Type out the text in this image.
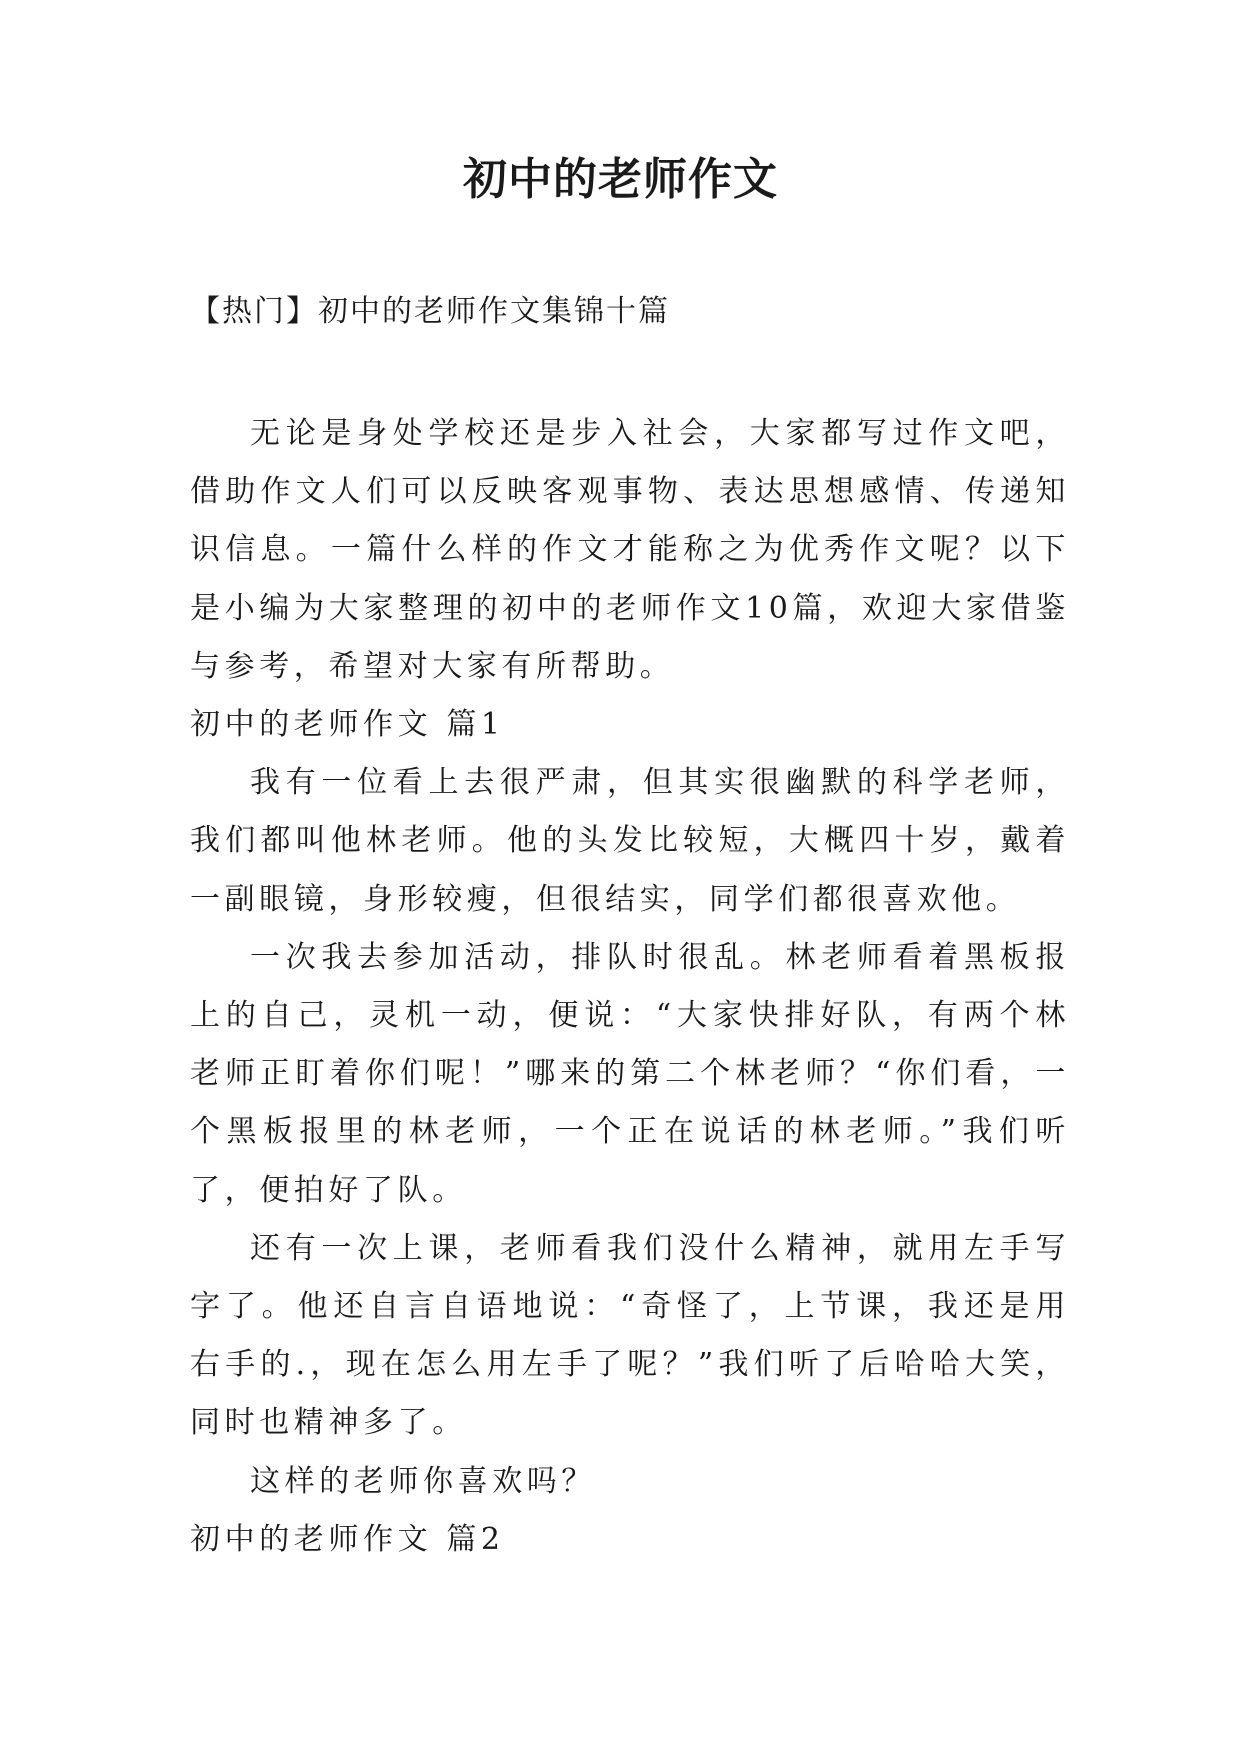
初中的老师作文
【热门】初中的老师作文集锦十篇

无论是身处学校还是步入社会，大家都写过作文吧，借助作文人们可以反映客观事物、表达思想感情、传递知识信息。一篇什么样的作文才能称之为优秀作文呢？以下是小编为大家整理的初中的老师作文10篇，欢迎大家借鉴与参考，希望对大家有所帮助。

初中的老师作文 篇1

我有一位看上去很严肃，但其实很幽默的科学老师，我们都叫他林老师。他的头发比较短，大概四十岁，戴着一副眼镜，身形较瘦，但很结实，同学们都很喜欢他。

一次我去参加活动，排队时很乱。林老师看着黑板报上的自己，灵机一动，便说：“大家快排好队，有两个林老师正盯着你们呢！”哪来的第二个林老师？“你们看，一个黑板报里的林老师，一个正在说话的林老师。”我们听了，便拍好了队。

还有一次上课，老师看我们没什么精神，就用左手写字了。他还自言自语地说：“奇怪了，上节课，我还是用右手的.，现在怎么用左手了呢？”我们听了后哈哈大笑，同时也精神多了。

这样的老师你喜欢吗？

初中的老师作文 篇2
